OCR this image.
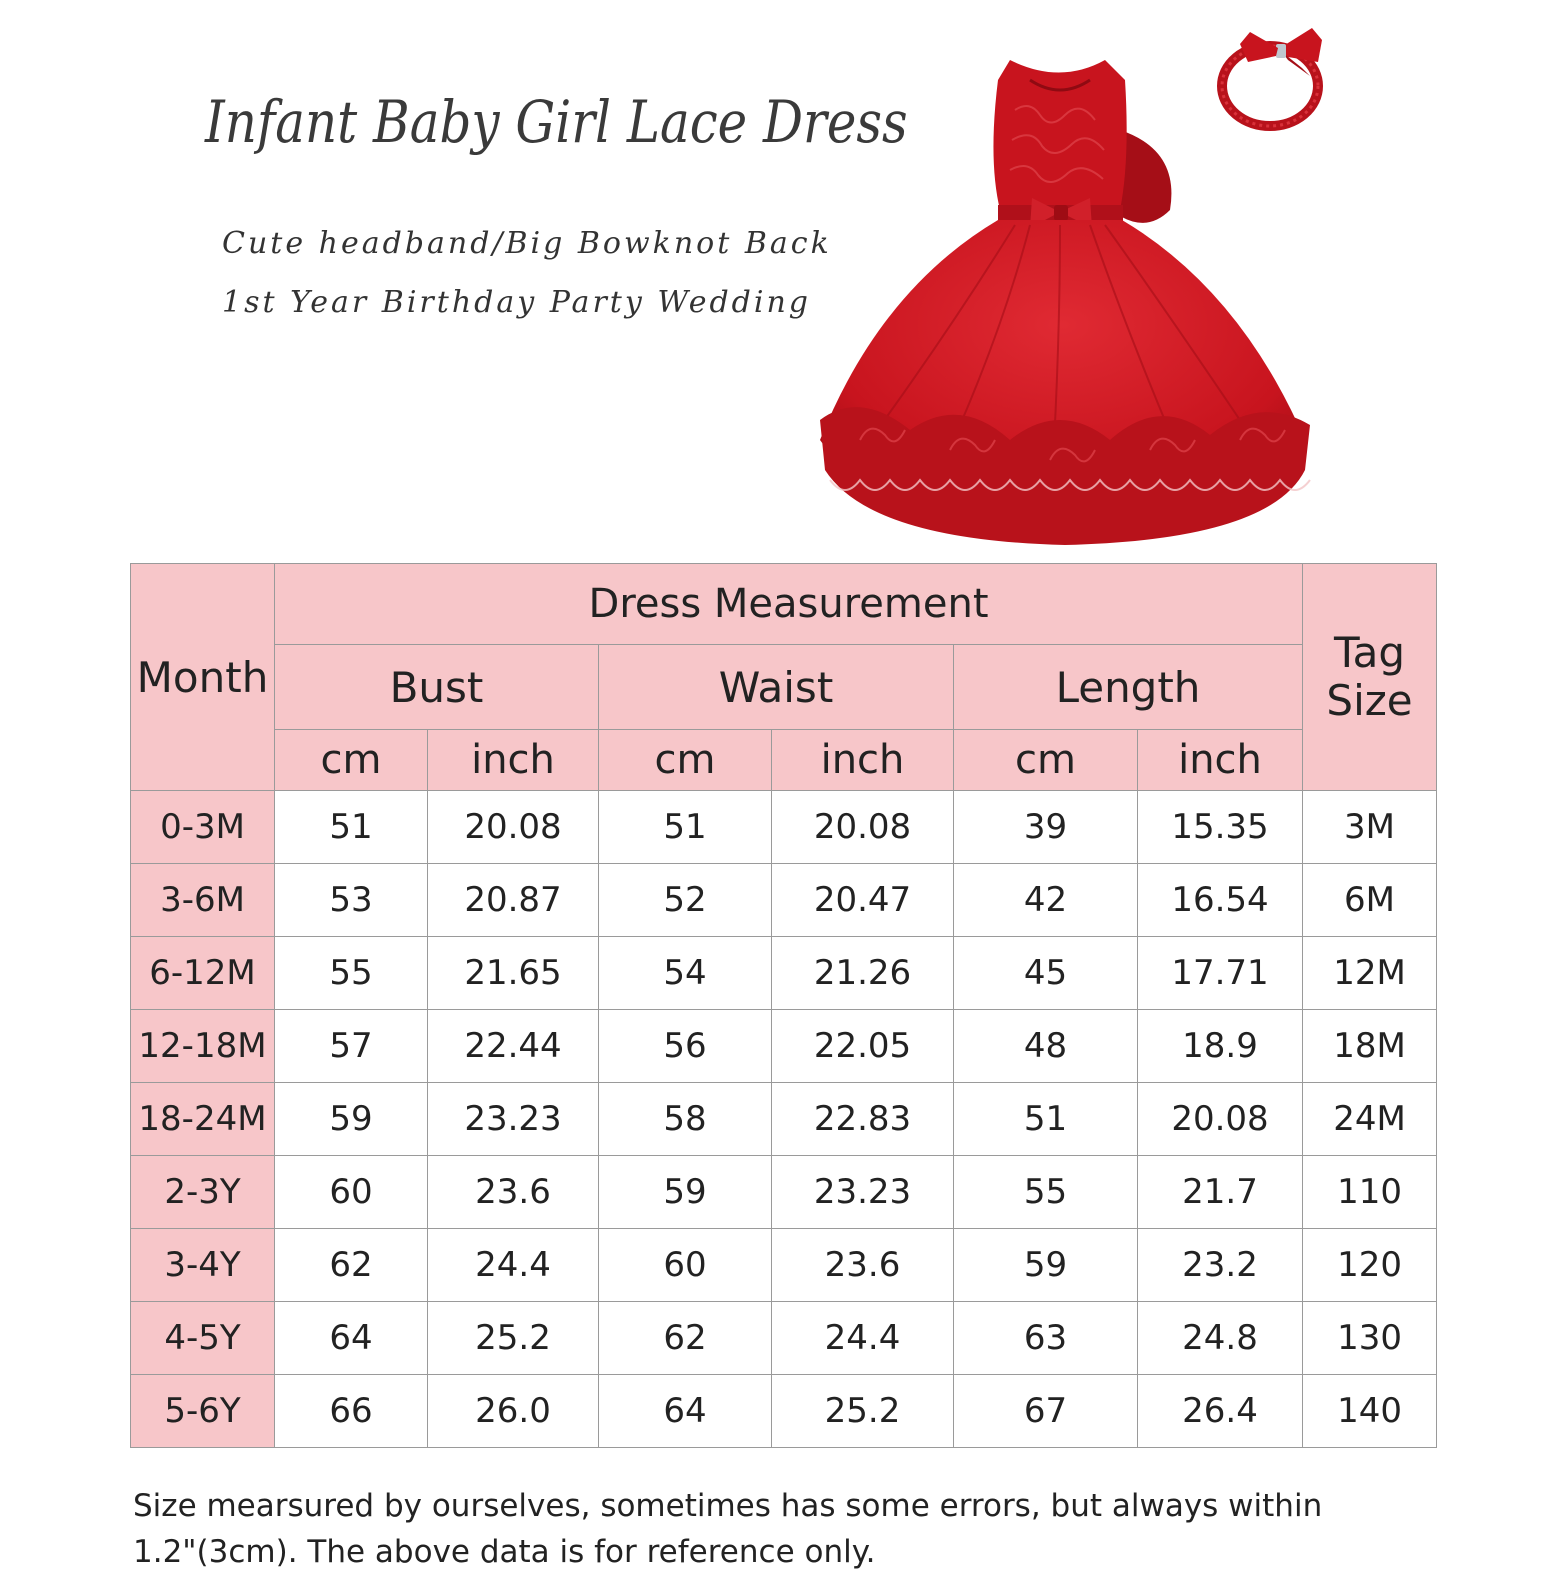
Infant Baby Girl Lace Dress
Cute headband/Big Bowknot Back
1st Year Birthday Party Wedding
Month	Dress Measurement						Tag
Size
	Bust		Waist		Length		
	cm	inch	cm	inch	cm	inch	
0-3M	51	20.08	51	20.08	39	15.35	3M
3-6M	53	20.87	52	20.47	42	16.54	6M
6-12M	55	21.65	54	21.26	45	17.71	12M
12-18M	57	22.44	56	22.05	48	18.9	18M
18-24M	59	23.23	58	22.83	51	20.08	24M
2-3Y	60	23.6	59	23.23	55	21.7	110
3-4Y	62	24.4	60	23.6	59	23.2	120
4-5Y	64	25.2	62	24.4	63	24.8	130
5-6Y	66	26.0	64	25.2	67	26.4	140
Size mearsured by ourselves, sometimes has some errors, but always within
1.2"(3cm). The above data is for reference only.
